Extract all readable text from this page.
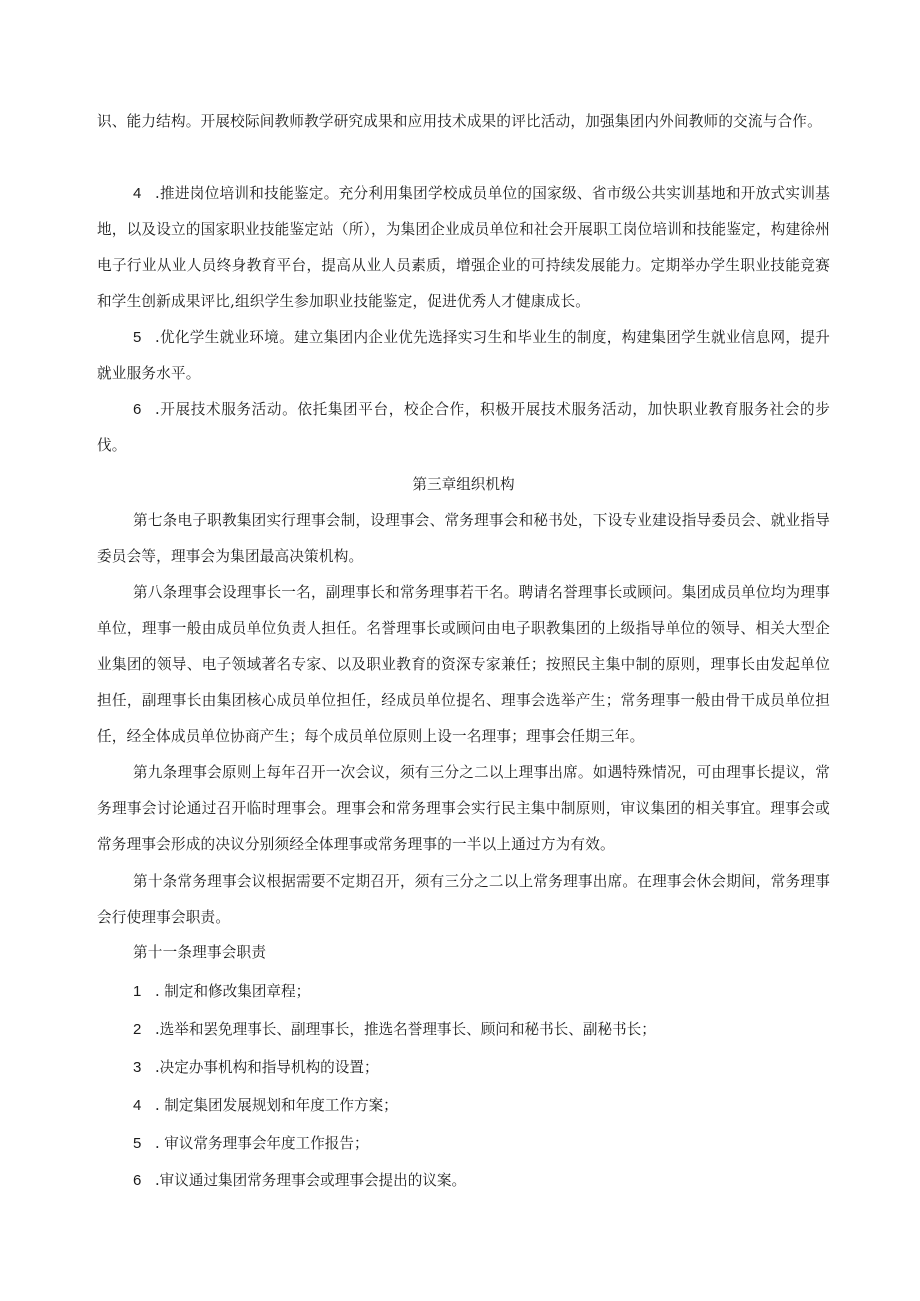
识、能力结构。开展校际间教师教学研究成果和应用技术成果的评比活动，加强集团内外间教师的交流与合作。

4 .推进岗位培训和技能鉴定。充分利用集团学校成员单位的国家级、省市级公共实训基地和开放式实训基地，以及设立的国家职业技能鉴定站（所），为集团企业成员单位和社会开展职工岗位培训和技能鉴定，构建徐州电子行业从业人员终身教育平台，提高从业人员素质，增强企业的可持续发展能力。定期举办学生职业技能竞赛和学生创新成果评比,组织学生参加职业技能鉴定，促进优秀人才健康成长。

5 .优化学生就业环境。建立集团内企业优先选择实习生和毕业生的制度，构建集团学生就业信息网，提升就业服务水平。

6 .开展技术服务活动。依托集团平台，校企合作，积极开展技术服务活动，加快职业教育服务社会的步伐。

第三章组织机构

第七条电子职教集团实行理事会制，设理事会、常务理事会和秘书处，下设专业建设指导委员会、就业指导委员会等，理事会为集团最高决策机构。

第八条理事会设理事长一名，副理事长和常务理事若干名。聘请名誉理事长或顾问。集团成员单位均为理事单位，理事一般由成员单位负责人担任。名誉理事长或顾问由电子职教集团的上级指导单位的领导、相关大型企业集团的领导、电子领域著名专家、以及职业教育的资深专家兼任；按照民主集中制的原则，理事长由发起单位担任，副理事长由集团核心成员单位担任，经成员单位提名、理事会选举产生；常务理事一般由骨干成员单位担任，经全体成员单位协商产生；每个成员单位原则上设一名理事；理事会任期三年。

第九条理事会原则上每年召开一次会议，须有三分之二以上理事出席。如遇特殊情况，可由理事长提议，常务理事会讨论通过召开临时理事会。理事会和常务理事会实行民主集中制原则，审议集团的相关事宜。理事会或常务理事会形成的决议分别须经全体理事或常务理事的一半以上通过方为有效。

第十条常务理事会议根据需要不定期召开，须有三分之二以上常务理事出席。在理事会休会期间，常务理事会行使理事会职责。

第十一条理事会职责

1 . 制定和修改集团章程；

2 .选举和罢免理事长、副理事长，推选名誉理事长、顾问和秘书长、副秘书长；

3 .决定办事机构和指导机构的设置；

4 . 制定集团发展规划和年度工作方案；

5 . 审议常务理事会年度工作报告；

6 .审议通过集团常务理事会或理事会提出的议案。
